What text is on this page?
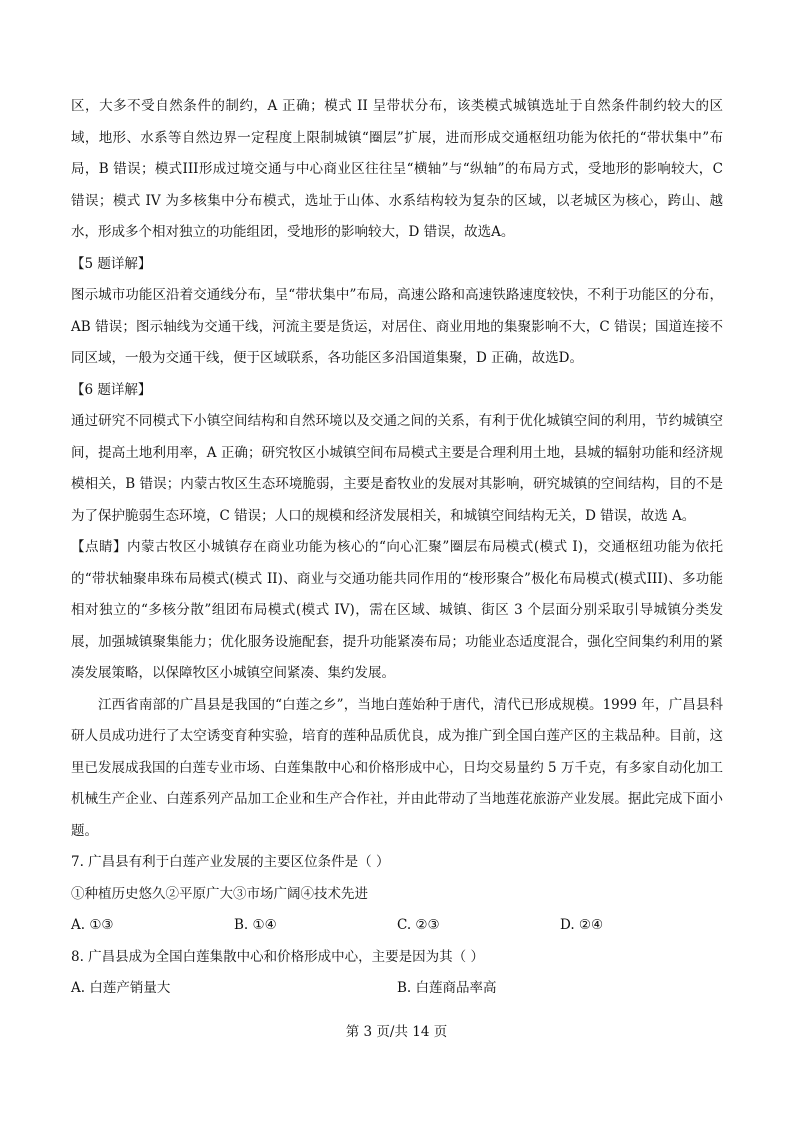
区，大多不受自然条件的制约，A 正确；模式 II 呈带状分布，该类模式城镇选址于自然条件制约较大的区域，地形、水系等自然边界一定程度上限制城镇“圈层”扩展，进而形成交通枢纽功能为依托的“带状集中”布局，B 错误；模式III形成过境交通与中心商业区往往呈“横轴”与“纵轴”的布局方式，受地形的影响较大，C 错误；模式 IV 为多核集中分布模式，选址于山体、水系结构较为复杂的区域，以老城区为核心，跨山、越水，形成多个相对独立的功能组团，受地形的影响较大，D 错误，故选A。

【5 题详解】

图示城市功能区沿着交通线分布，呈“带状集中”布局，高速公路和高速铁路速度较快，不利于功能区的分布，AB 错误；图示轴线为交通干线，河流主要是货运，对居住、商业用地的集聚影响不大，C 错误；国道连接不同区域，一般为交通干线，便于区域联系，各功能区多沿国道集聚，D 正确，故选D。

【6 题详解】

通过研究不同模式下小镇空间结构和自然环境以及交通之间的关系，有利于优化城镇空间的利用，节约城镇空间，提高土地利用率，A 正确；研究牧区小城镇空间布局模式主要是合理利用土地，县城的辐射功能和经济规模相关，B 错误；内蒙古牧区生态环境脆弱，主要是畜牧业的发展对其影响，研究城镇的空间结构，目的不是为了保护脆弱生态环境，C 错误；人口的规模和经济发展相关，和城镇空间结构无关，D 错误，故选 A。

【点睛】内蒙古牧区小城镇存在商业功能为核心的“向心汇聚”圈层布局模式(模式 I)，交通枢纽功能为依托的“带状轴聚串珠布局模式(模式 II)、商业与交通功能共同作用的“梭形聚合”极化布局模式(模式III)、多功能相对独立的“多核分散”组团布局模式(模式 IV)，需在区域、城镇、街区 3 个层面分别采取引导城镇分类发展，加强城镇聚集能力；优化服务设施配套，提升功能紧凑布局；功能业态适度混合，强化空间集约利用的紧凑发展策略，以保障牧区小城镇空间紧凑、集约发展。

江西省南部的广昌县是我国的“白莲之乡”，当地白莲始种于唐代，清代已形成规模。1999 年，广昌县科研人员成功进行了太空诱变育种实验，培育的莲种品质优良，成为推广到全国白莲产区的主栽品种。目前，这里已发展成我国的白莲专业市场、白莲集散中心和价格形成中心，日均交易量约 5 万千克，有多家自动化加工机械生产企业、白莲系列产品加工企业和生产合作社，并由此带动了当地莲花旅游产业发展。据此完成下面小题。

7. 广昌县有利于白莲产业发展的主要区位条件是（ ）

①种植历史悠久②平原广大③市场广阔④技术先进

A. ①③	B. ①④	C. ②③	D. ②④

8. 广昌县成为全国白莲集散中心和价格形成中心，主要是因为其（ ）

A. 白莲产销量大	B. 白莲商品率高
第 3 页/共 14 页
